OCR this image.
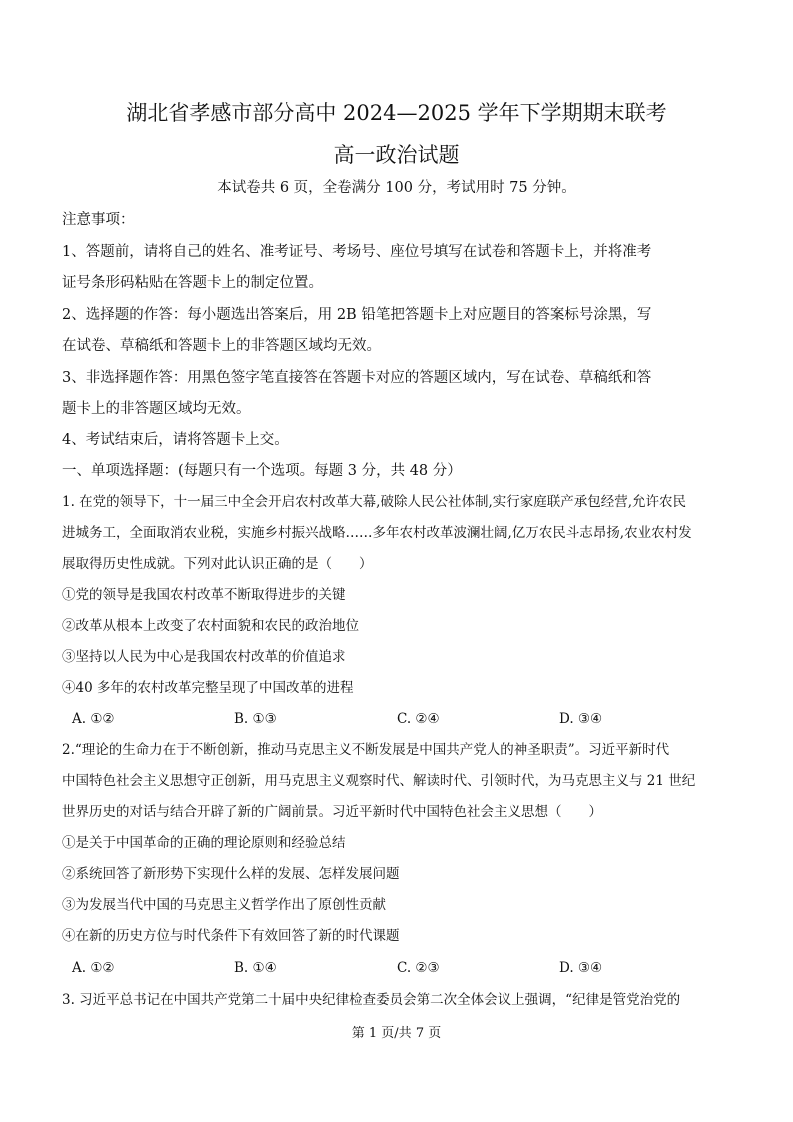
湖北省孝感市部分高中 2024—2025 学年下学期期末联考
高一政治试题
本试卷共 6 页，全卷满分 100 分，考试用时 75 分钟。
注意事项：
1、答题前，请将自己的姓名、准考证号、考场号、座位号填写在试卷和答题卡上，并将准考
证号条形码粘贴在答题卡上的制定位置。
2、选择题的作答：每小题选出答案后，用 2B 铅笔把答题卡上对应题目的答案标号涂黑，写
在试卷、草稿纸和答题卡上的非答题区域均无效。
3、非选择题作答：用黑色签字笔直接答在答题卡对应的答题区域内，写在试卷、草稿纸和答
题卡上的非答题区域均无效。
4、考试结束后，请将答题卡上交。
一、单项选择题：(每题只有一个选项。每题 3 分，共 48 分）
1. 在党的领导下，十一届三中全会开启农村改革大幕,破除人民公社体制,实行家庭联产承包经营,允许农民
进城务工，全面取消农业税，实施乡村振兴战略……多年农村改革波澜壮阔,亿万农民斗志昂扬,农业农村发
展取得历史性成就。下列对此认识正确的是（　　）
①党的领导是我国农村改革不断取得进步的关键
②改革从根本上改变了农村面貌和农民的政治地位
③坚持以人民为中心是我国农村改革的价值追求
④40 多年的农村改革完整呈现了中国改革的进程
A. ①②	B. ①③	C. ②④	D. ③④
2.“理论的生命力在于不断创新，推动马克思主义不断发展是中国共产党人的神圣职责”。习近平新时代
中国特色社会主义思想守正创新，用马克思主义观察时代、解读时代、引领时代，为马克思主义与 21 世纪
世界历史的对话与结合开辟了新的广阔前景。习近平新时代中国特色社会主义思想（　　）
①是关于中国革命的正确的理论原则和经验总结
②系统回答了新形势下实现什么样的发展、怎样发展问题
③为发展当代中国的马克思主义哲学作出了原创性贡献
④在新的历史方位与时代条件下有效回答了新的时代课题
A. ①②	B. ①④	C. ②③	D. ③④
3. 习近平总书记在中国共产党第二十届中央纪律检查委员会第二次全体会议上强调，“纪律是管党治党的
第 1 页/共 7 页
